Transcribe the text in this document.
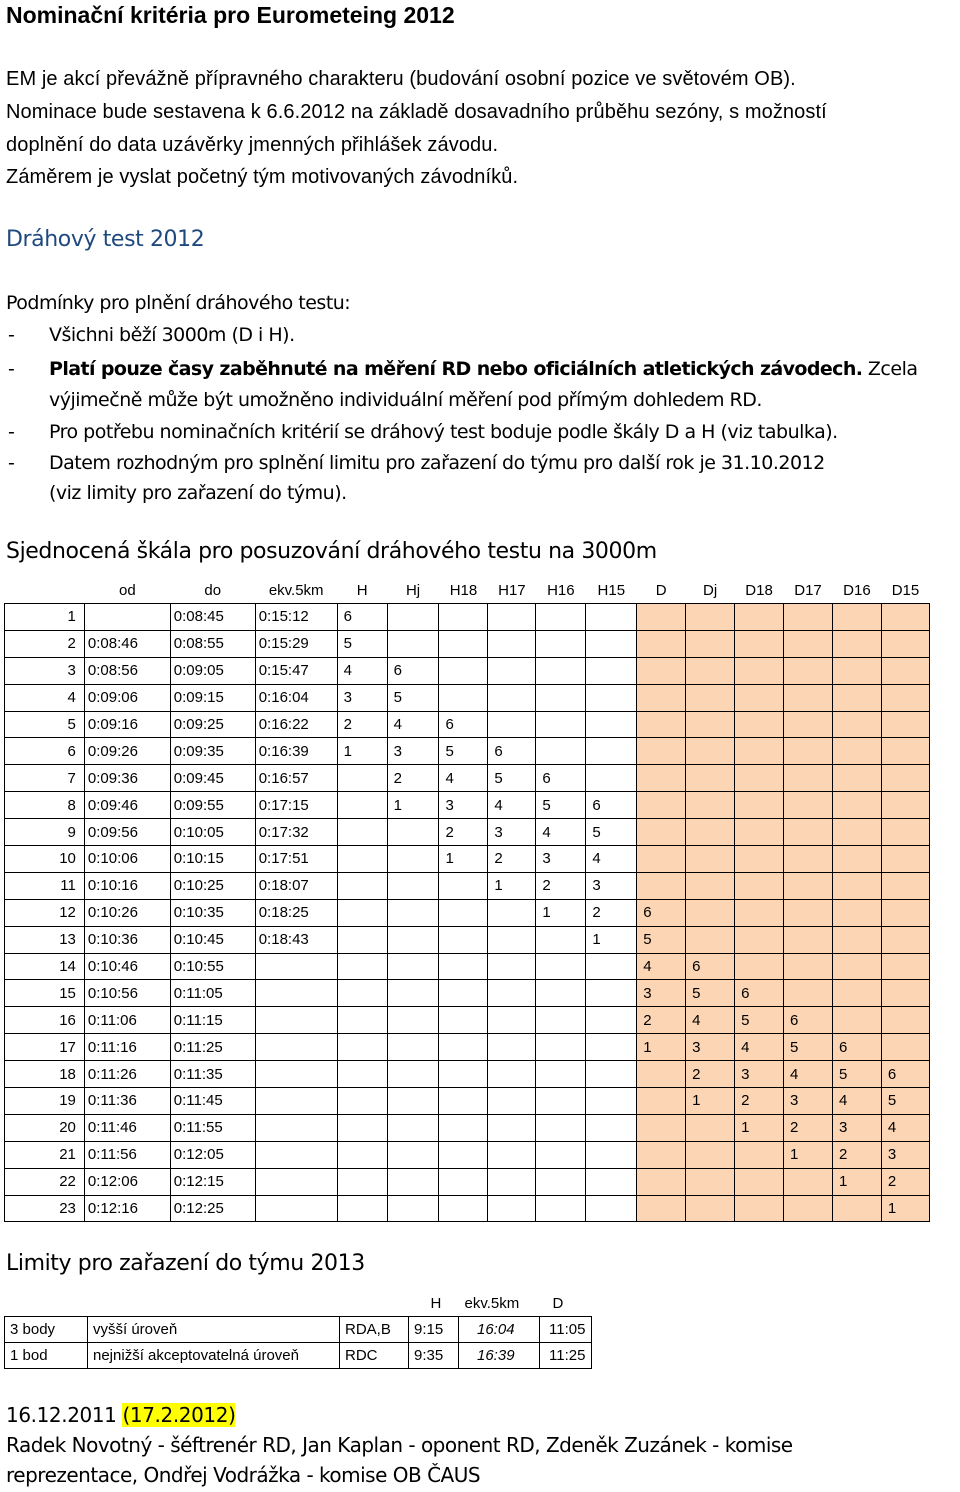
Nominační kritéria pro Eurometeing 2012
EM je akcí převážně přípravného charakteru (budování osobní pozice ve světovém OB).
Nominace bude sestavena k 6.6.2012 na základě dosavadního průběhu sezóny, s možností
doplnění do data uzávěrky jmenných přihlášek závodu.
Záměrem je vyslat početný tým motivovaných závodníků.
Dráhový test 2012
Podmínky pro plnění dráhového testu:
- Všichni běží 3000m (D i H).
- Platí pouze časy zaběhnuté na měření RD nebo oficiálních atletických závodech. Zcela
výjimečně může být umožněno individuální měření pod přímým dohledem RD.
- Pro potřebu nominačních kritérií se dráhový test boduje podle škály D a H (viz tabulka).
- Datem rozhodným pro splnění limitu pro zařazení do týmu pro další rok je 31.10.2012
(viz limity pro zařazení do týmu).
Sjednocená škála pro posuzování dráhového testu na 3000m
	od	do	ekv.5km	H	Hj	H18	H17	H16	H15	D	Dj	D18	D17	D16	D15
1		0:08:45	0:15:12	6											
2	0:08:46	0:08:55	0:15:29	5											
3	0:08:56	0:09:05	0:15:47	4	6										
4	0:09:06	0:09:15	0:16:04	3	5										
5	0:09:16	0:09:25	0:16:22	2	4	6									
6	0:09:26	0:09:35	0:16:39	1	3	5	6								
7	0:09:36	0:09:45	0:16:57		2	4	5	6							
8	0:09:46	0:09:55	0:17:15		1	3	4	5	6						
9	0:09:56	0:10:05	0:17:32			2	3	4	5						
10	0:10:06	0:10:15	0:17:51			1	2	3	4						
11	0:10:16	0:10:25	0:18:07				1	2	3						
12	0:10:26	0:10:35	0:18:25					1	2	6					
13	0:10:36	0:10:45	0:18:43						1	5					
14	0:10:46	0:10:55								4	6				
15	0:10:56	0:11:05								3	5	6			
16	0:11:06	0:11:15								2	4	5	6		
17	0:11:16	0:11:25								1	3	4	5	6	
18	0:11:26	0:11:35									2	3	4	5	6
19	0:11:36	0:11:45									1	2	3	4	5
20	0:11:46	0:11:55										1	2	3	4
21	0:11:56	0:12:05											1	2	3
22	0:12:06	0:12:15												1	2
23	0:12:16	0:12:25													1
Limity pro zařazení do týmu 2013
			H	ekv.5km	D
3 body	vyšší úroveň	RDA,B	9:15	16:04	11:05
1 bod	nejnižší akceptovatelná úroveň	RDC	9:35	16:39	11:25
16.12.2011 (17.2.2012)
Radek Novotný - šéftrenér RD, Jan Kaplan - oponent RD, Zdeněk Zuzánek - komise
reprezentace, Ondřej Vodrážka - komise OB ČAUS
